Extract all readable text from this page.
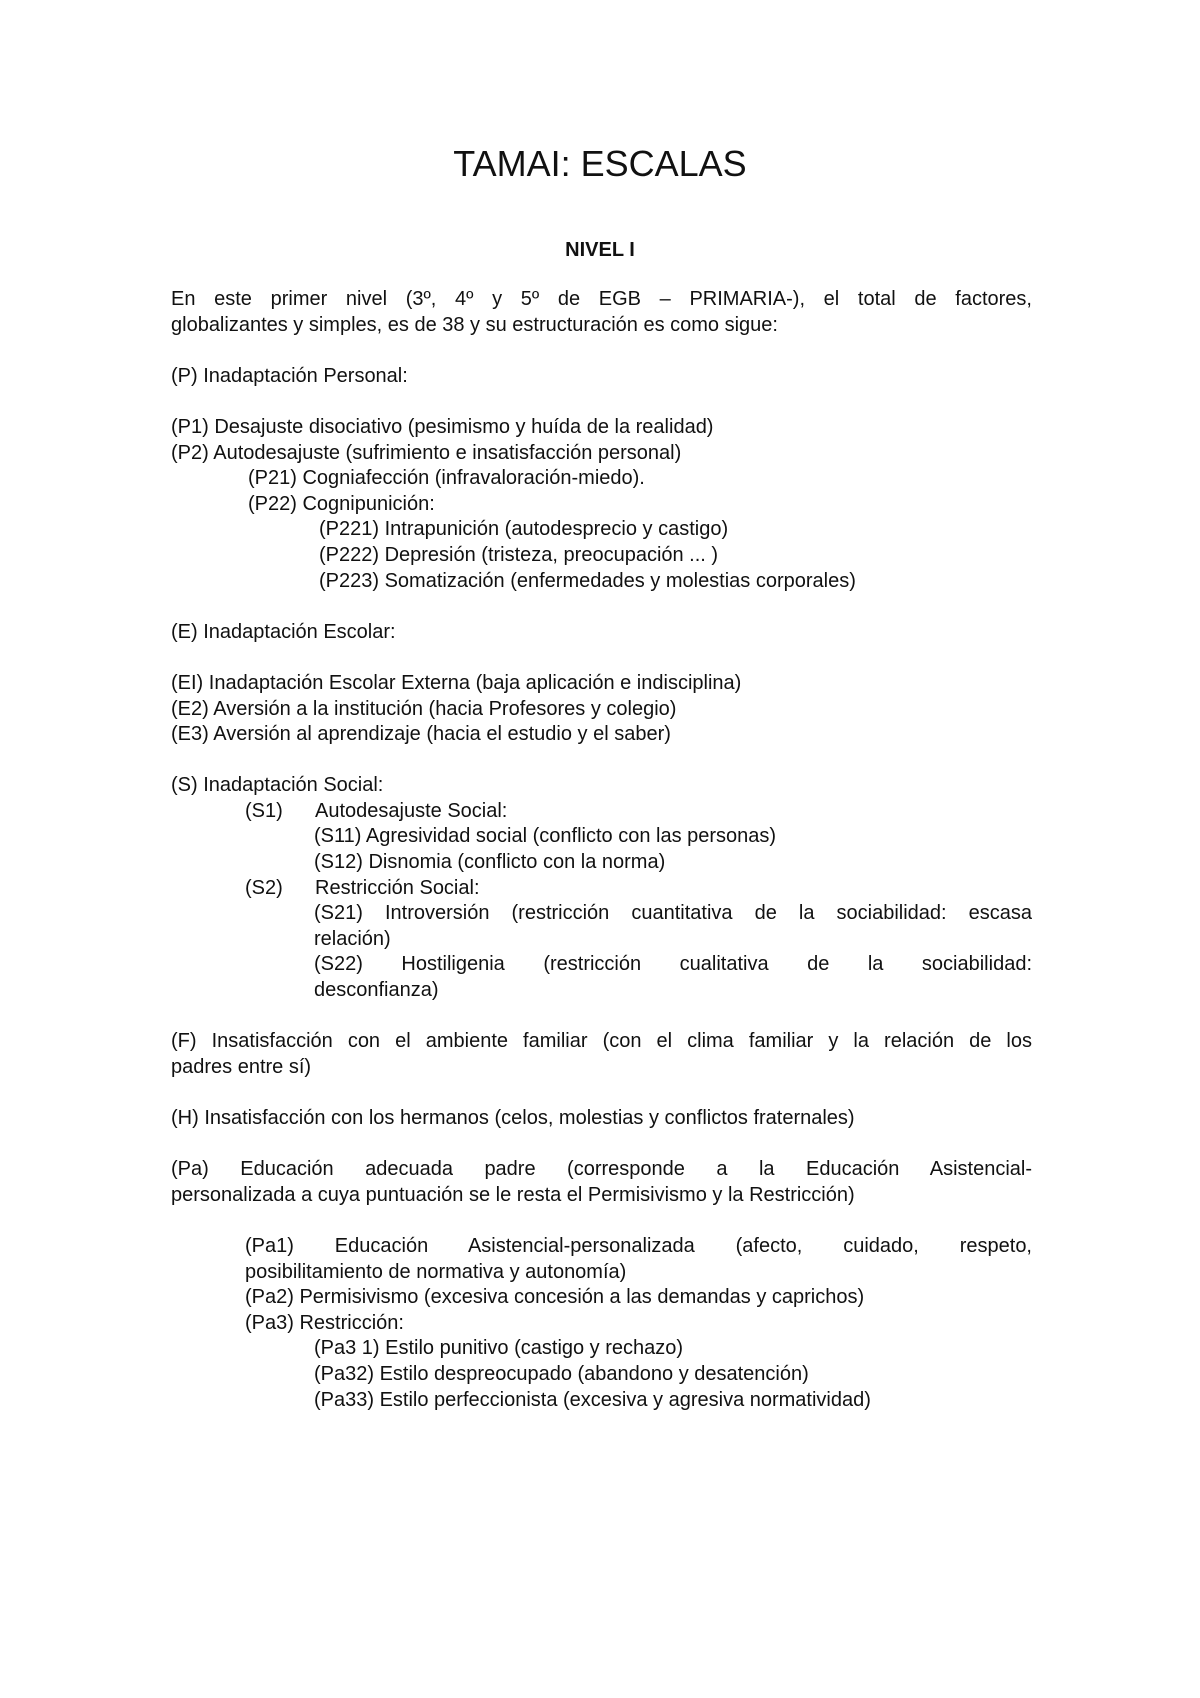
TAMAI: ESCALAS
NIVEL I
En este primer nivel (3º, 4º y 5º de EGB – PRIMARIA-), el total de factores,
globalizantes y simples, es de 38 y su estructuración es como sigue:
(P) Inadaptación Personal:
(P1) Desajuste disociativo (pesimismo y huída de la realidad)
(P2) Autodesajuste (sufrimiento e insatisfacción personal)
(P21) Cogniafección (infravaloración-miedo).
(P22) Cognipunición:
(P221) Intrapunición (autodesprecio y castigo)
(P222) Depresión (tristeza, preocupación ... )
(P223) Somatización (enfermedades y molestias corporales)
(E) Inadaptación Escolar:
(EI) Inadaptación Escolar Externa (baja aplicación e indisciplina)
(E2) Aversión a la institución (hacia Profesores y colegio)
(E3) Aversión al aprendizaje (hacia el estudio y el saber)
(S) Inadaptación Social:
(S1)	Autodesajuste Social:
(S11) Agresividad social (conflicto con las personas)
(S12) Disnomia (conflicto con la norma)
(S2)	Restricción Social:
(S21) Introversión (restricción cuantitativa de la sociabilidad: escasa
relación)
(S22) Hostiligenia (restricción cualitativa de la sociabilidad:
desconfianza)
(F) Insatisfacción con el ambiente familiar (con el clima familiar y la relación de los
padres entre sí)
(H) Insatisfacción con los hermanos (celos, molestias y conflictos fraternales)
(Pa) Educación adecuada padre (corresponde a la Educación Asistencial-
personalizada a cuya puntuación se le resta el Permisivismo y la Restricción)
(Pa1) Educación Asistencial-personalizada (afecto, cuidado, respeto,
posibilitamiento de normativa y autonomía)
(Pa2) Permisivismo (excesiva concesión a las demandas y caprichos)
(Pa3) Restricción:
(Pa3 1) Estilo punitivo (castigo y rechazo)
(Pa32) Estilo despreocupado (abandono y desatención)
(Pa33) Estilo perfeccionista (excesiva y agresiva normatividad)
